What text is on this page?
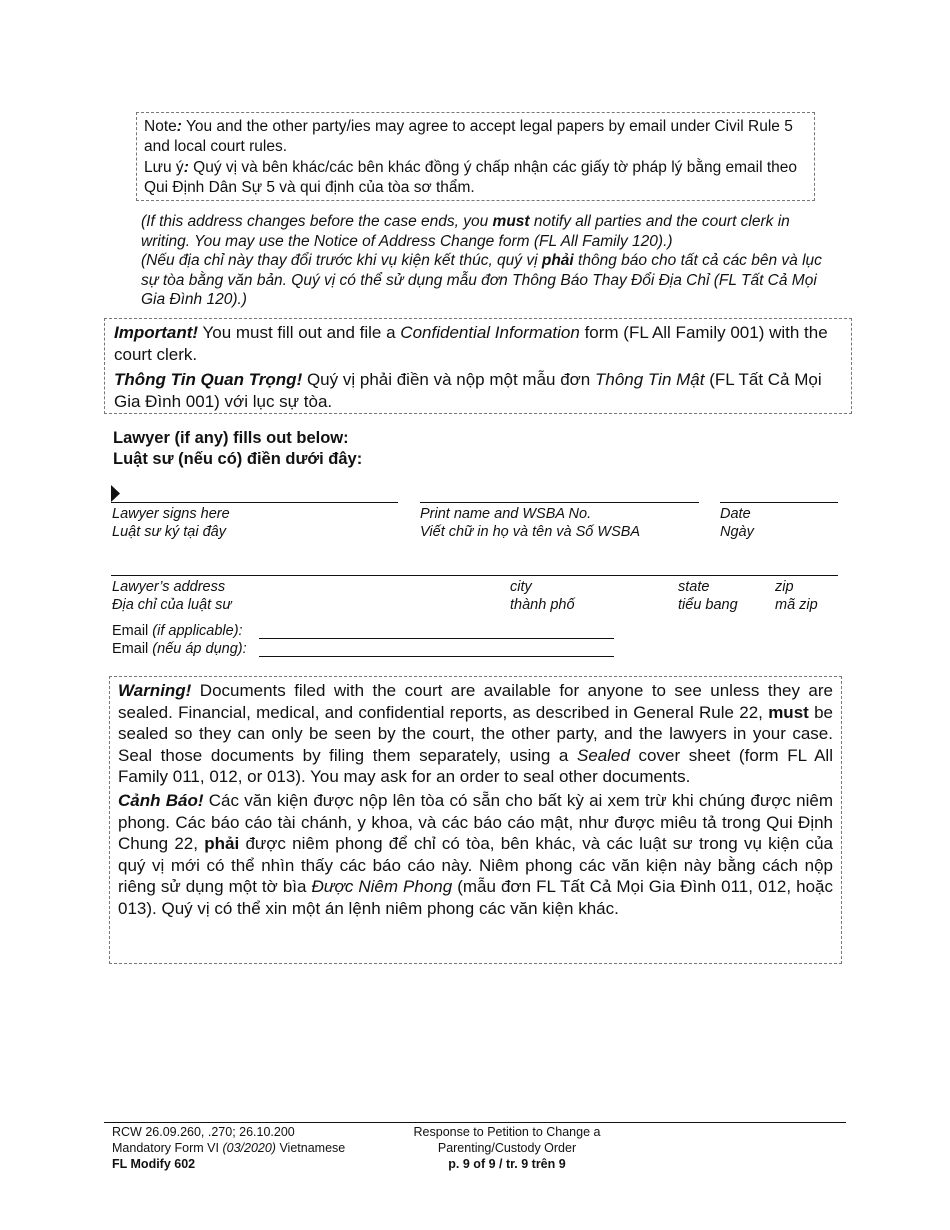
Note: You and the other party/ies may agree to accept legal papers by email under Civil Rule 5 and local court rules.

Lưu ý: Quý vị và bên khác/các bên khác đồng ý chấp nhận các giấy tờ pháp lý bằng email theo Qui Định Dân Sự 5 và qui định của tòa sơ thẩm.

(If this address changes before the case ends, you must notify all parties and the court clerk in writing. You may use the Notice of Address Change form (FL All Family 120).)

(Nếu địa chỉ này thay đổi trước khi vụ kiện kết thúc, quý vị phải thông báo cho tất cả các bên và lục sự tòa bằng văn bản. Quý vị có thể sử dụng mẫu đơn Thông Báo Thay Đổi Địa Chỉ (FL Tất Cả Mọi Gia Đình 120).)

Important! You must fill out and file a Confidential Information form (FL All Family 001) with the court clerk.

Thông Tin Quan Trọng! Quý vị phải điền và nộp một mẫu đơn Thông Tin Mật (FL Tất Cả Mọi Gia Đình 001) với lục sự tòa.

Lawyer (if any) fills out below:
Luật sư (nếu có) điền dưới đây:
Lawyer signs here
Luật sư ký tại đây
Print name and WSBA No.
Viết chữ in họ và tên và Số WSBA
Date
Ngày
Lawyer’s address
Địa chỉ của luật sư
city
thành phố
state
tiểu bang
zip
mã zip
Email (if applicable):
Email (nếu áp dụng):

Warning! Documents filed with the court are available for anyone to see unless they are sealed. Financial, medical, and confidential reports, as described in General Rule 22, must be sealed so they can only be seen by the court, the other party, and the lawyers in your case. Seal those documents by filing them separately, using a Sealed cover sheet (form FL All Family 011, 012, or 013). You may ask for an order to seal other documents.

Cảnh Báo! Các văn kiện được nộp lên tòa có sẵn cho bất kỳ ai xem trừ khi chúng được niêm phong. Các báo cáo tài chánh, y khoa, và các báo cáo mật, như được miêu tả trong Qui Định Chung 22, phải được niêm phong để chỉ có tòa, bên khác, và các luật sư trong vụ kiện của quý vị mới có thể nhìn thấy các báo cáo này. Niêm phong các văn kiện này bằng cách nộp riêng sử dụng một tờ bìa Được Niêm Phong (mẫu đơn FL Tất Cả Mọi Gia Đình 011, 012, hoặc 013). Quý vị có thể xin một án lệnh niêm phong các văn kiện khác.

RCW 26.09.260, .270; 26.10.200
Mandatory Form VI (03/2020) Vietnamese
FL Modify 602
Response to Petition to Change a
Parenting/Custody Order
p. 9 of 9 / tr. 9 trên 9
